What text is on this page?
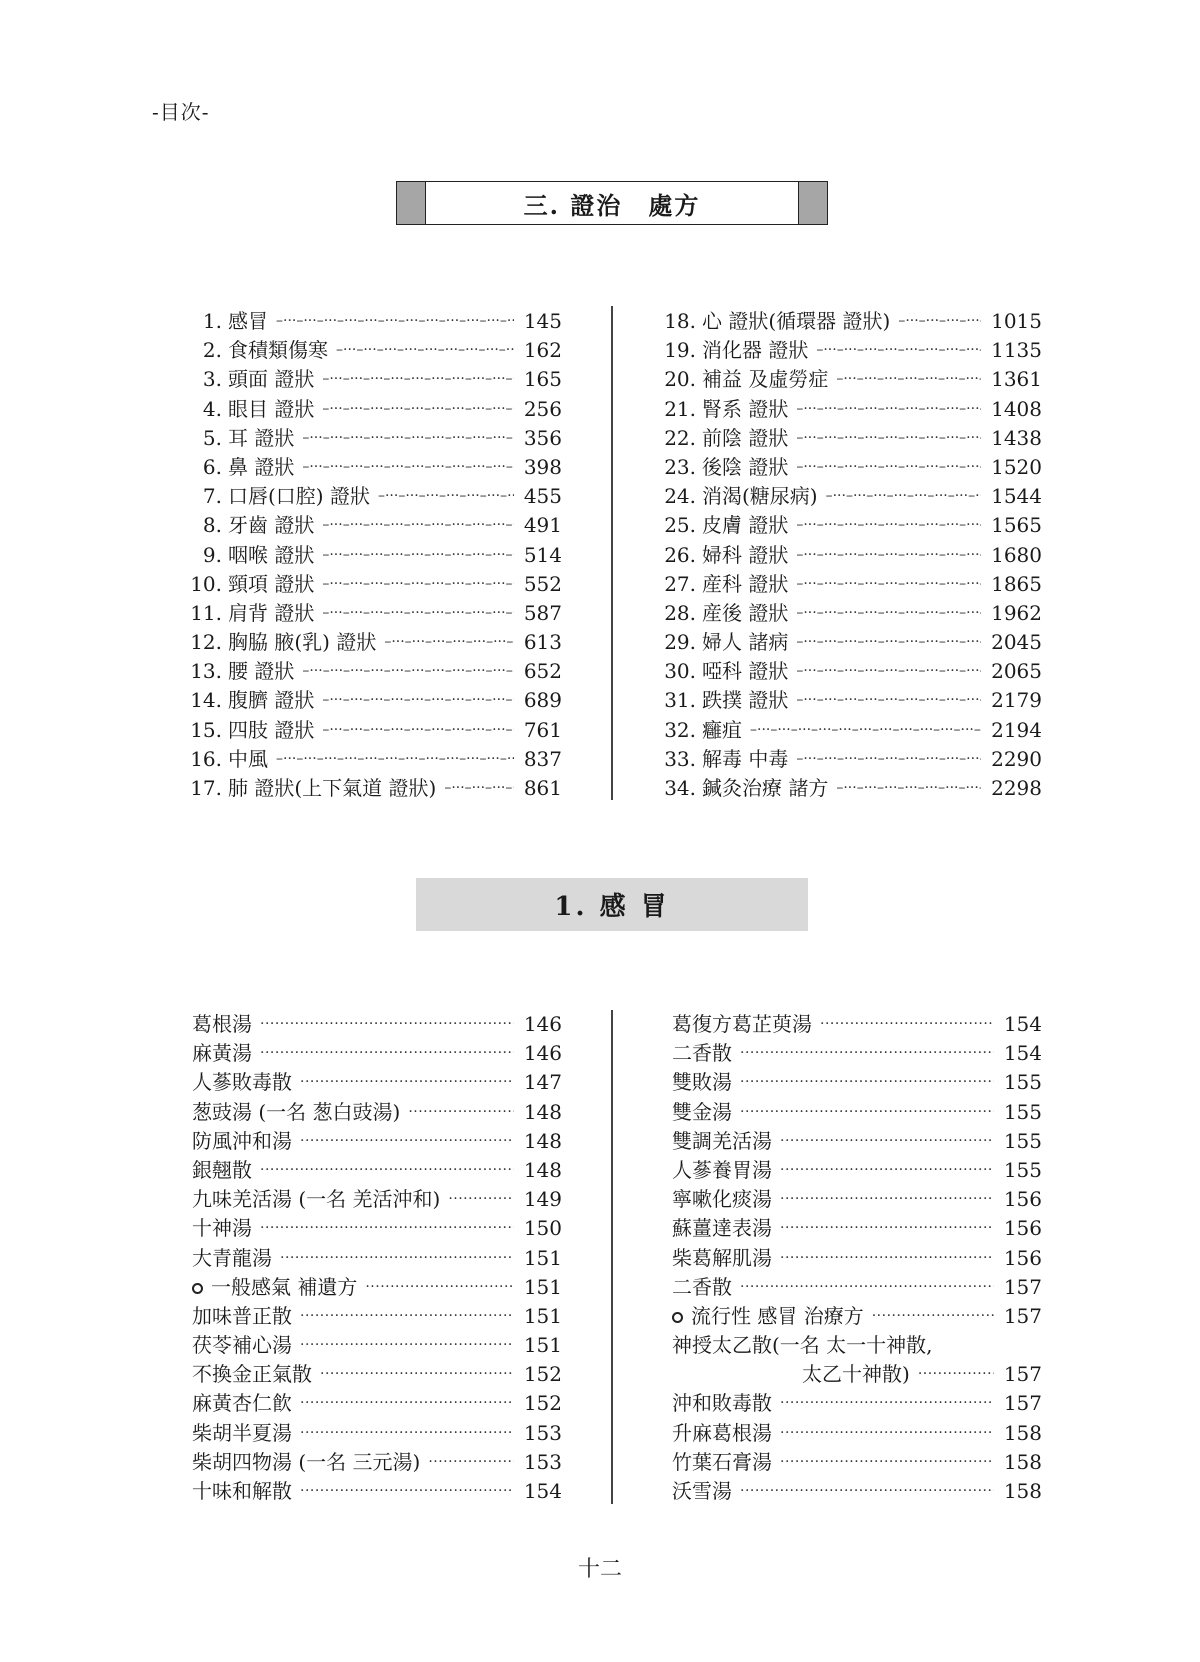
-目次-
三. 證治　處方
1. 感冒 –···–	145
2. 食積類傷寒 –···–	162
3. 頭面 證狀 –···–	165
4. 眼目 證狀 –···–	256
5. 耳 證狀 –···–	356
6. 鼻 證狀 –···–	398
7. 口唇(口腔) 證狀 –···–	455
8. 牙齒 證狀 –···–	491
9. 咽喉 證狀 –···–	514
10. 頸項 證狀 –···–	552
11. 肩背 證狀 –···–	587
12. 胸脇 腋(乳) 證狀 –···–	613
13. 腰 證狀 –···–	652
14. 腹臍 證狀 –···–	689
15. 四肢 證狀 –···–	761
16. 中風 –···–	837
17. 肺 證狀(上下氣道 證狀) –···–	861
18. 心 證狀(循環器 證狀) –···–	1015
19. 消化器 證狀 –···–	1135
20. 補益 及虛勞症 –···–	1361
21. 腎系 證狀 –···–	1408
22. 前陰 證狀 –···–	1438
23. 後陰 證狀 –···–	1520
24. 消渴(糖尿病) –···–	1544
25. 皮膚 證狀 –···–	1565
26. 婦科 證狀 –···–	1680
27. 産科 證狀 –···–	1865
28. 産後 證狀 –···–	1962
29. 婦人 諸病 –···–	2045
30. 啞科 證狀 –···–	2065
31. 跌撲 證狀 –···–	2179
32. 癰疽 –···–	2194
33. 解毒 中毒 –···–	2290
34. 鍼灸治療 諸方 –···–	2298
1. 感 冒
葛根湯 ·····	146
麻黃湯 ·····	146
人蔘敗毒散 ·····	147
葱豉湯 (一名 葱白豉湯) ·····	148
防風沖和湯 ·····	148
銀翹散 ·····	148
九味羌活湯 (一名 羌活沖和) ·····	149
十神湯 ·····	150
大青龍湯 ·····	151
一般感氣 補遺方 ·····	151
加味普正散 ·····	151
茯苓補心湯 ·····	151
不換金正氣散 ·····	152
麻黃杏仁飮 ·····	152
柴胡半夏湯 ·····	153
柴胡四物湯 (一名 三元湯) ·····	153
十味和解散 ·····	154
葛復方葛芷萸湯 ·····	154
二香散 ·····	154
雙敗湯 ·····	155
雙金湯 ·····	155
雙調羌活湯 ·····	155
人蔘養胃湯 ·····	155
寧嗽化痰湯 ·····	156
蘇薑達表湯 ·····	156
柴葛解肌湯 ·····	156
二香散 ·····	157
流行性 感冒 治療方 ·····	157
神授太乙散(一名 太一十神散,
太乙十神散) ·····	157
沖和敗毒散 ·····	157
升麻葛根湯 ·····	158
竹葉石膏湯 ·····	158
沃雪湯 ·····	158
十二
